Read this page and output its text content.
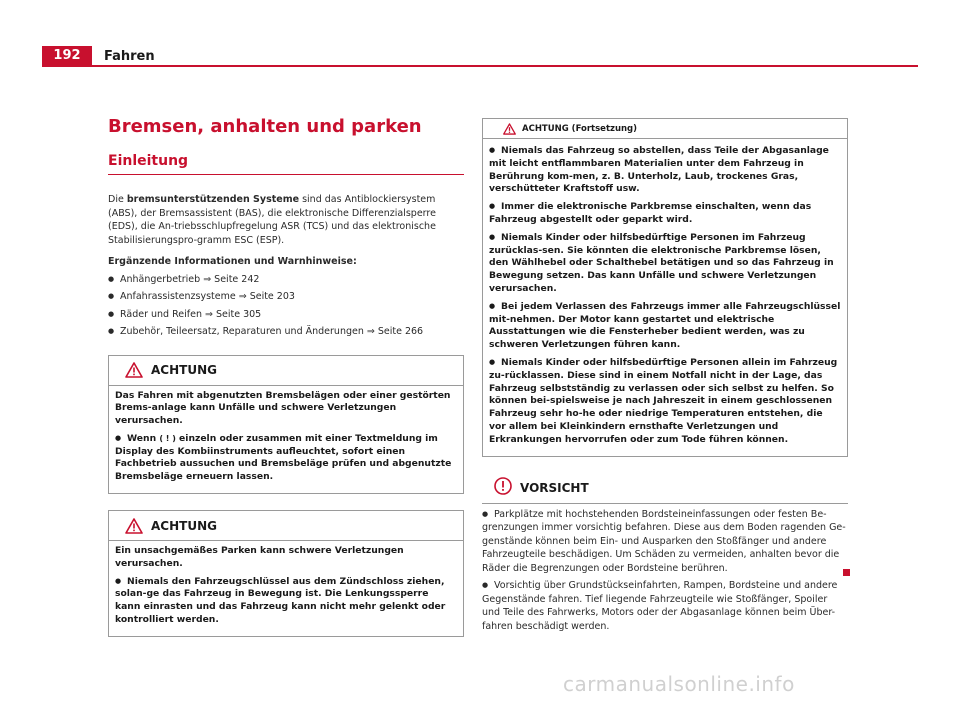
192	Fahren
Bremsen, anhalten und parken
Einleitung

Die bremsunterstützenden Systeme sind das Antiblockiersystem (ABS), der Bremsassistent (BAS), die elektronische Differenzialsperre (EDS), die An-triebsschlupfregelung ASR (TCS) und das elektronische Stabilisierungspro-gramm ESC (ESP).

Ergänzende Informationen und Warnhinweise:

● Anhängerbetrieb ⇒ Seite 242
● Anfahrassistenzsysteme ⇒ Seite 203
● Räder und Reifen ⇒ Seite 305
● Zubehör, Teileersatz, Reparaturen und Änderungen ⇒ Seite 266
ACHTUNG

Das Fahren mit abgenutzten Bremsbelägen oder einer gestörten Brems-anlage kann Unfälle und schwere Verletzungen verursachen.

● Wenn ( ! ) einzeln oder zusammen mit einer Textmeldung im Display des Kombiinstruments aufleuchtet, sofort einen Fachbetrieb aussuchen und Bremsbeläge prüfen und abgenutzte Bremsbeläge erneuern lassen.

ACHTUNG

Ein unsachgemäßes Parken kann schwere Verletzungen verursachen.

● Niemals den Fahrzeugschlüssel aus dem Zündschloss ziehen, solan-ge das Fahrzeug in Bewegung ist. Die Lenkungssperre kann einrasten und das Fahrzeug kann nicht mehr gelenkt oder kontrolliert werden.

ACHTUNG (Fortsetzung)

● Niemals das Fahrzeug so abstellen, dass Teile der Abgasanlage mit leicht entflammbaren Materialien unter dem Fahrzeug in Berührung kom-men, z. B. Unterholz, Laub, trockenes Gras, verschütteter Kraftstoff usw.

● Immer die elektronische Parkbremse einschalten, wenn das Fahrzeug abgestellt oder geparkt wird.

● Niemals Kinder oder hilfsbedürftige Personen im Fahrzeug zurücklas-sen. Sie könnten die elektronische Parkbremse lösen, den Wählhebel oder Schalthebel betätigen und so das Fahrzeug in Bewegung setzen. Das kann Unfälle und schwere Verletzungen verursachen.

● Bei jedem Verlassen des Fahrzeugs immer alle Fahrzeugschlüssel mit-nehmen. Der Motor kann gestartet und elektrische Ausstattungen wie die Fensterheber bedient werden, was zu schweren Verletzungen führen kann.

● Niemals Kinder oder hilfsbedürftige Personen allein im Fahrzeug zu-rücklassen. Diese sind in einem Notfall nicht in der Lage, das Fahrzeug selbstständig zu verlassen oder sich selbst zu helfen. So können bei-spielsweise je nach Jahreszeit in einem geschlossenen Fahrzeug sehr ho-he oder niedrige Temperaturen entstehen, die vor allem bei Kleinkindern ernsthafte Verletzungen und Erkrankungen hervorrufen oder zum Tode führen können.

VORSICHT

● Parkplätze mit hochstehenden Bordsteineinfassungen oder festen Be-grenzungen immer vorsichtig befahren. Diese aus dem Boden ragenden Ge-genstände können beim Ein- und Ausparken den Stoßfänger und andere Fahrzeugteile beschädigen. Um Schäden zu vermeiden, anhalten bevor die Räder die Begrenzungen oder Bordsteine berühren.

● Vorsichtig über Grundstückseinfahrten, Rampen, Bordsteine und andere Gegenstände fahren. Tief liegende Fahrzeugteile wie Stoßfänger, Spoiler und Teile des Fahrwerks, Motors oder der Abgasanlage können beim Über-fahren beschädigt werden.

carmanualsonline.info
